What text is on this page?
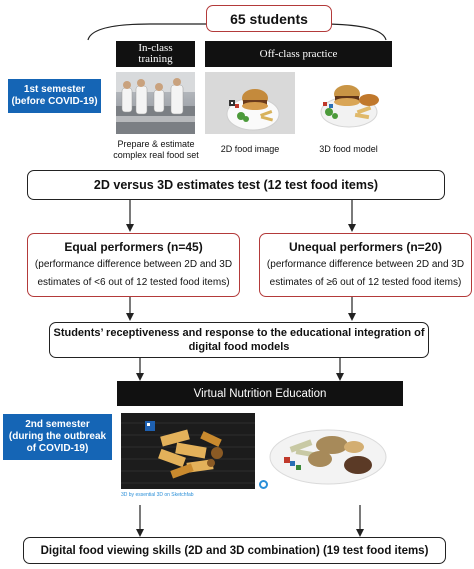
65 students
In-class training	Off-class practice
1st semester
(before COVID-19)
Prepare & estimate
complex real food set
2D food image	3D food model
2D versus 3D estimates test (12 test food items)
Equal performers (n=45)
(performance difference between 2D and 3D
estimates of <6 out of 12 tested food items)
Unequal performers (n=20)
(performance difference between 2D and 3D
estimates of ≥6 out of 12 tested food items)
Students’ receptiveness and response to the educational integration of
digital food models
Virtual Nutrition Education
2nd semester
(during the outbreak
of COVID-19)
3D by essential 3D on Sketchfab
Digital food viewing skills (2D and 3D combination) (19 test food items)
